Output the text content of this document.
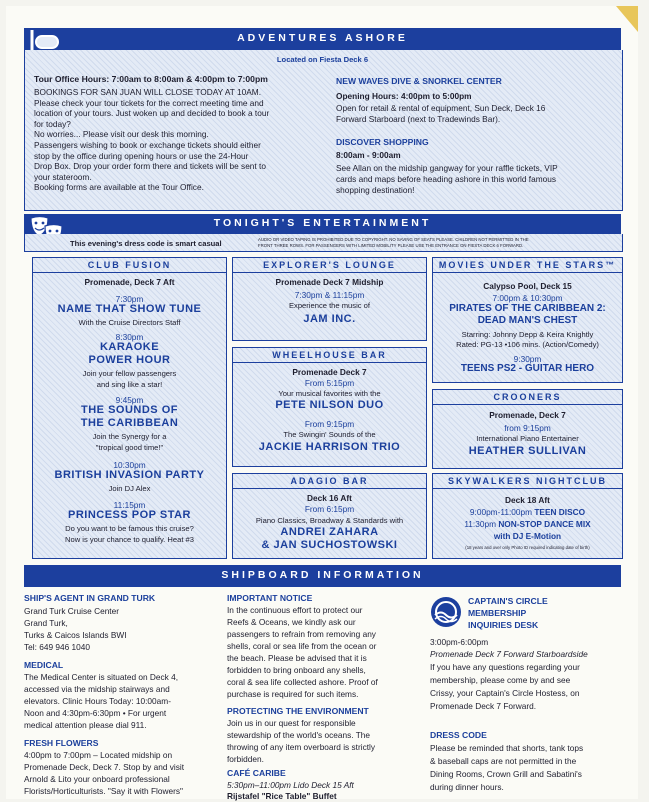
ADVENTURES ASHORE
Located on Fiesta Deck 6
Tour Office Hours: 7:00am to 8:00am & 4:00pm to 7:00pm
BOOKINGS FOR SAN JUAN WILL CLOSE TODAY AT 10AM.
Please check your tour tickets for the correct meeting time and
location of your tours. Just woken up and decided to book a tour
for today?
No worries... Please visit our desk this morning.
Passengers wishing to book or exchange tickets should either
stop by the office during opening hours or use the 24-Hour
Drop Box. Drop your order form there and tickets will be sent to
your stateroom.
Booking forms are available at the Tour Office.
NEW WAVES DIVE & SNORKEL CENTER
Opening Hours: 4:00pm to 5:00pm
Open for retail & rental of equipment, Sun Deck, Deck 16
Forward Starboard (next to Tradewinds Bar).
DISCOVER SHOPPING
8:00am - 9:00am
See Allan on the midship gangway for your raffle tickets, VIP
cards and maps before heading ashore in this world famous
shopping destination!
TONIGHT'S ENTERTAINMENT
This evening's dress code is smart casual	AUDIO OR VIDEO TAPING IS PROHIBITED DUE TO COPYRIGHT. NO SAVING OF SEATS PLEASE. CHILDREN NOT PERMITTED IN THE
FRONT THREE ROWS. FOR PASSENGERS WITH LIMITED MOBILITY PLEASE USE THE ENTRANCE ON FIESTA DECK 6 FORWARD.
CLUB FUSION
Promenade, Deck 7 Aft
7:30pm
NAME THAT SHOW TUNE
With the Cruise Directors Staff
8:30pm
KARAOKE
POWER HOUR
Join your fellow passengers
and sing like a star!
9:45pm
THE SOUNDS OF
THE CARIBBEAN
Join the Synergy for a
"tropical good time!"
10:30pm
BRITISH INVASION PARTY
Join DJ Alex
11:15pm
PRINCESS POP STAR
Do you want to be famous this cruise?
Now is your chance to qualify. Heat #3
EXPLORER'S LOUNGE
Promenade Deck 7 Midship
7:30pm & 11:15pm
Experience the music of
JAM INC.
WHEELHOUSE BAR
Promenade Deck 7
From 5:15pm
Your musical favorites with the
PETE NILSON DUO
From 9:15pm
The Swingin' Sounds of the
JACKIE HARRISON TRIO
ADAGIO BAR
Deck 16 Aft
From 6:15pm
Piano Classics, Broadway & Standards with
ANDREI ZAHARA
& JAN SUCHOSTOWSKI
MOVIES UNDER THE STARS™
Calypso Pool, Deck 15
7:00pm & 10:30pm
PIRATES OF THE CARIBBEAN 2:
DEAD MAN'S CHEST
Starring: Johnny Depp & Keira Knightly
Rated: PG-13 •106 mins. (Action/Comedy)
9:30pm
TEENS PS2 - GUITAR HERO
CROONERS
Promenade, Deck 7
from 9:15pm
International Piano Entertainer
HEATHER SULLIVAN
SKYWALKERS NIGHTCLUB
Deck 18 Aft
9:00pm-11:00pm TEEN DISCO
11:30pm NON-STOP DANCE MIX
with DJ E-Motion
(18 years and over only Photo ID required indicating date of birth)
SHIPBOARD INFORMATION
SHIP'S AGENT IN GRAND TURK
Grand Turk Cruise Center
Grand Turk,
Turks & Caicos Islands BWI
Tel: 649 946 1040
MEDICAL
The Medical Center is situated on Deck 4,
accessed via the midship stairways and
elevators. Clinic Hours Today: 10:00am-
Noon and 4:30pm-6:30pm • For urgent
medical attention please dial 911.
FRESH FLOWERS
4:00pm to 7:00pm – Located midship on
Promenade Deck, Deck 7. Stop by and visit
Arnold & Lito your onboard professional
Florists/Horticulturists. "Say it with Flowers"
IMPORTANT NOTICE
In the continuous effort to protect our
Reefs & Oceans, we kindly ask our
passengers to refrain from removing any
shells, coral or sea life from the ocean or
the beach. Please be advised that it is
forbidden to bring onboard any shells,
coral & sea life collected ashore. Proof of
purchase is required for such items.
PROTECTING THE ENVIRONMENT
Join us in our quest for responsible
stewardship of the world's oceans. The
throwing of any item overboard is strictly
forbidden.
CAFÉ CARIBE
5:30pm–11:00pm Lido Deck 15 Aft
Rijstafel "Rice Table" Buffet
CAPTAIN'S CIRCLE
MEMBERSHIP
INQUIRIES DESK
3:00pm-6:00pm
Promenade Deck 7 Forward Starboardside
If you have any questions regarding your
membership, please come by and see
Crissy, your Captain's Circle Hostess, on
Promenade Deck 7 Forward.
DRESS CODE
Please be reminded that shorts, tank tops
& baseball caps are not permitted in the
Dining Rooms, Crown Grill and Sabatini's
during dinner hours.
